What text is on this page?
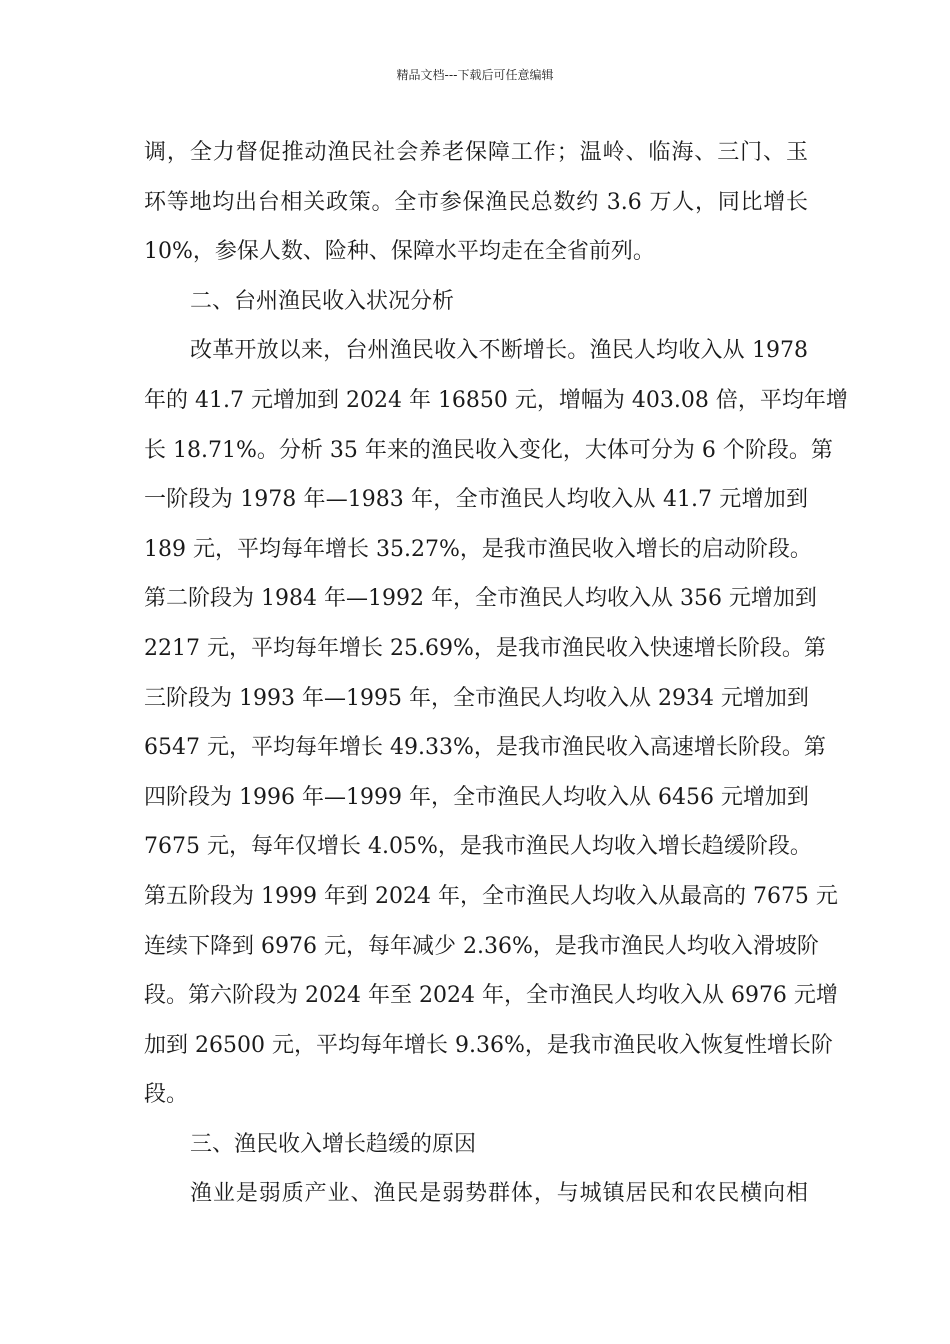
精品文档---下载后可任意编辑
调，全力督促推动渔民社会养老保障工作；温岭、临海、三门、玉
环等地均出台相关政策。全市参保渔民总数约 3.6 万人，同比增长
10%，参保人数、险种、保障水平均走在全省前列。
二、台州渔民收入状况分析
改革开放以来，台州渔民收入不断增长。渔民人均收入从 1978
年的 41.7 元增加到 2024 年 16850 元，增幅为 403.08 倍，平均年增
长 18.71%。分析 35 年来的渔民收入变化，大体可分为 6 个阶段。第
一阶段为 1978 年—1983 年，全市渔民人均收入从 41.7 元增加到
189 元，平均每年增长 35.27%，是我市渔民收入增长的启动阶段。
第二阶段为 1984 年—1992 年，全市渔民人均收入从 356 元增加到
2217 元，平均每年增长 25.69%，是我市渔民收入快速增长阶段。第
三阶段为 1993 年—1995 年，全市渔民人均收入从 2934 元增加到
6547 元，平均每年增长 49.33%，是我市渔民收入高速增长阶段。第
四阶段为 1996 年—1999 年，全市渔民人均收入从 6456 元增加到
7675 元，每年仅增长 4.05%，是我市渔民人均收入增长趋缓阶段。
第五阶段为 1999 年到 2024 年，全市渔民人均收入从最高的 7675 元
连续下降到 6976 元，每年减少 2.36%，是我市渔民人均收入滑坡阶
段。第六阶段为 2024 年至 2024 年，全市渔民人均收入从 6976 元增
加到 26500 元，平均每年增长 9.36%，是我市渔民收入恢复性增长阶
段。
三、渔民收入增长趋缓的原因
渔业是弱质产业、渔民是弱势群体，与城镇居民和农民横向相
